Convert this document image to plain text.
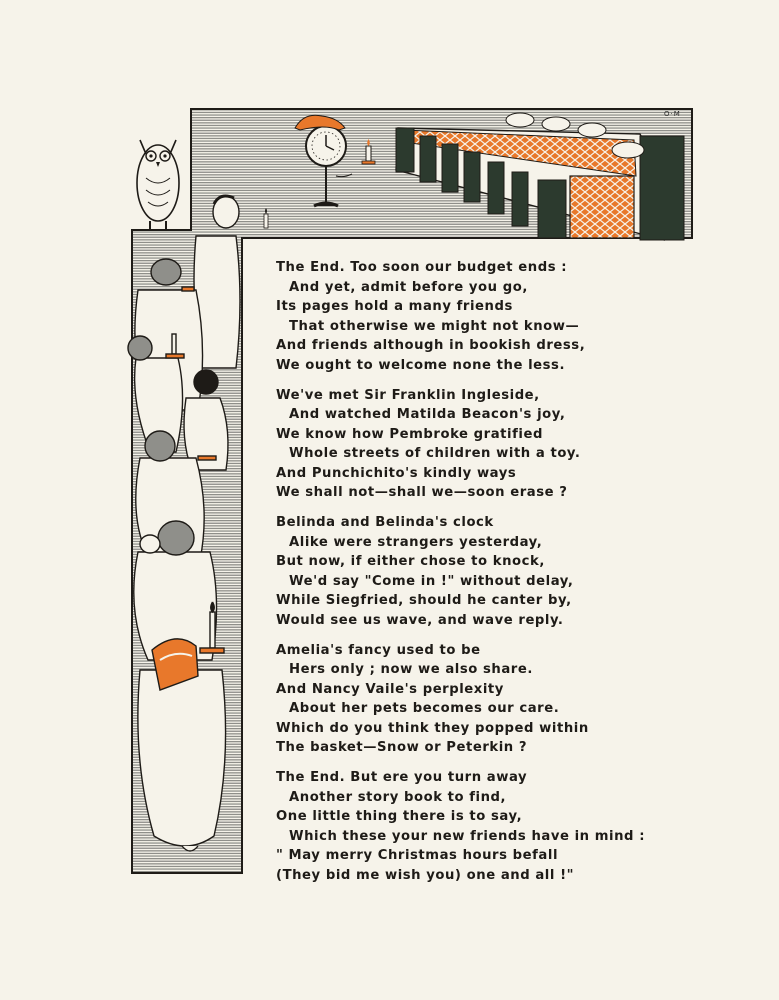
O·M
The End. Too soon our budget ends :
And yet, admit before you go,
Its pages hold a many friends
That otherwise we might not know—
And friends although in bookish dress,
We ought to welcome none the less.
We've met Sir Franklin Ingleside,
And watched Matilda Beacon's joy,
We know how Pembroke gratified
Whole streets of children with a toy.
And Punchichito's kindly ways
We shall not—shall we—soon erase ?
Belinda and Belinda's clock
Alike were strangers yesterday,
But now, if either chose to knock,
We'd say "Come in !" without delay,
While Siegfried, should he canter by,
Would see us wave, and wave reply.
Amelia's fancy used to be
Hers only ; now we also share.
And Nancy Vaile's perplexity
About her pets becomes our care.
Which do you think they popped within
The basket—Snow or Peterkin ?
The End. But ere you turn away
Another story book to find,
One little thing there is to say,
Which these your new friends have in mind :
" May merry Christmas hours befall
(They bid me wish you) one and all !"
